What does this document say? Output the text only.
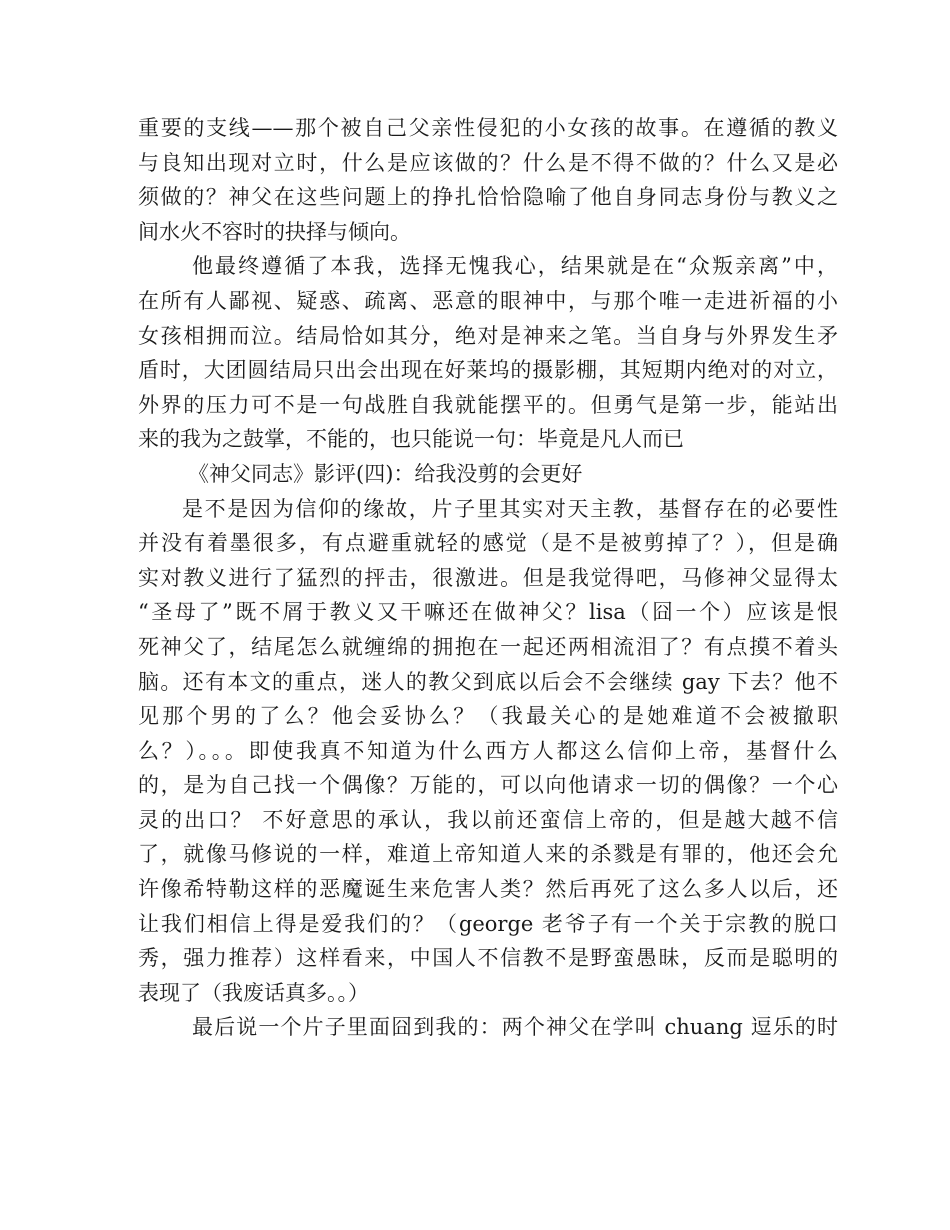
重要的支线——那个被自己父亲性侵犯的小女孩的故事。在遵循的教义
与良知出现对立时，什么是应该做的？什么是不得不做的？什么又是必
须做的？神父在这些问题上的挣扎恰恰隐喻了他自身同志身份与教义之
间水火不容时的抉择与倾向。
他最终遵循了本我，选择无愧我心，结果就是在“众叛亲离”中，
在所有人鄙视、疑惑、疏离、恶意的眼神中，与那个唯一走进祈福的小
女孩相拥而泣。结局恰如其分，绝对是神来之笔。当自身与外界发生矛
盾时，大团圆结局只出会出现在好莱坞的摄影棚，其短期内绝对的对立，
外界的压力可不是一句战胜自我就能摆平的。但勇气是第一步，能站出
来的我为之鼓掌，不能的，也只能说一句：毕竟是凡人而已
《神父同志》影评(四)：给我没剪的会更好
是不是因为信仰的缘故，片子里其实对天主教，基督存在的必要性
并没有着墨很多，有点避重就轻的感觉（是不是被剪掉了？），但是确
实对教义进行了猛烈的抨击，很激进。但是我觉得吧，马修神父显得太
“圣母了”既不屑于教义又干嘛还在做神父？lisa（囧一个）应该是恨
死神父了，结尾怎么就缠绵的拥抱在一起还两相流泪了？有点摸不着头
脑。还有本文的重点，迷人的教父到底以后会不会继续 gay 下去？他不
见那个男的了么？他会妥协么？（我最关心的是她难道不会被撤职
么？）。。。即使我真不知道为什么西方人都这么信仰上帝，基督什么
的，是为自己找一个偶像？万能的，可以向他请求一切的偶像？一个心
灵的出口？ 不好意思的承认，我以前还蛮信上帝的，但是越大越不信
了，就像马修说的一样，难道上帝知道人来的杀戮是有罪的，他还会允
许像希特勒这样的恶魔诞生来危害人类？然后再死了这么多人以后，还
让我们相信上得是爱我们的？（george 老爷子有一个关于宗教的脱口
秀，强力推荐）这样看来，中国人不信教不是野蛮愚昧，反而是聪明的
表现了（我废话真多。。）
最后说一个片子里面囧到我的：两个神父在学叫 chuang 逗乐的时
